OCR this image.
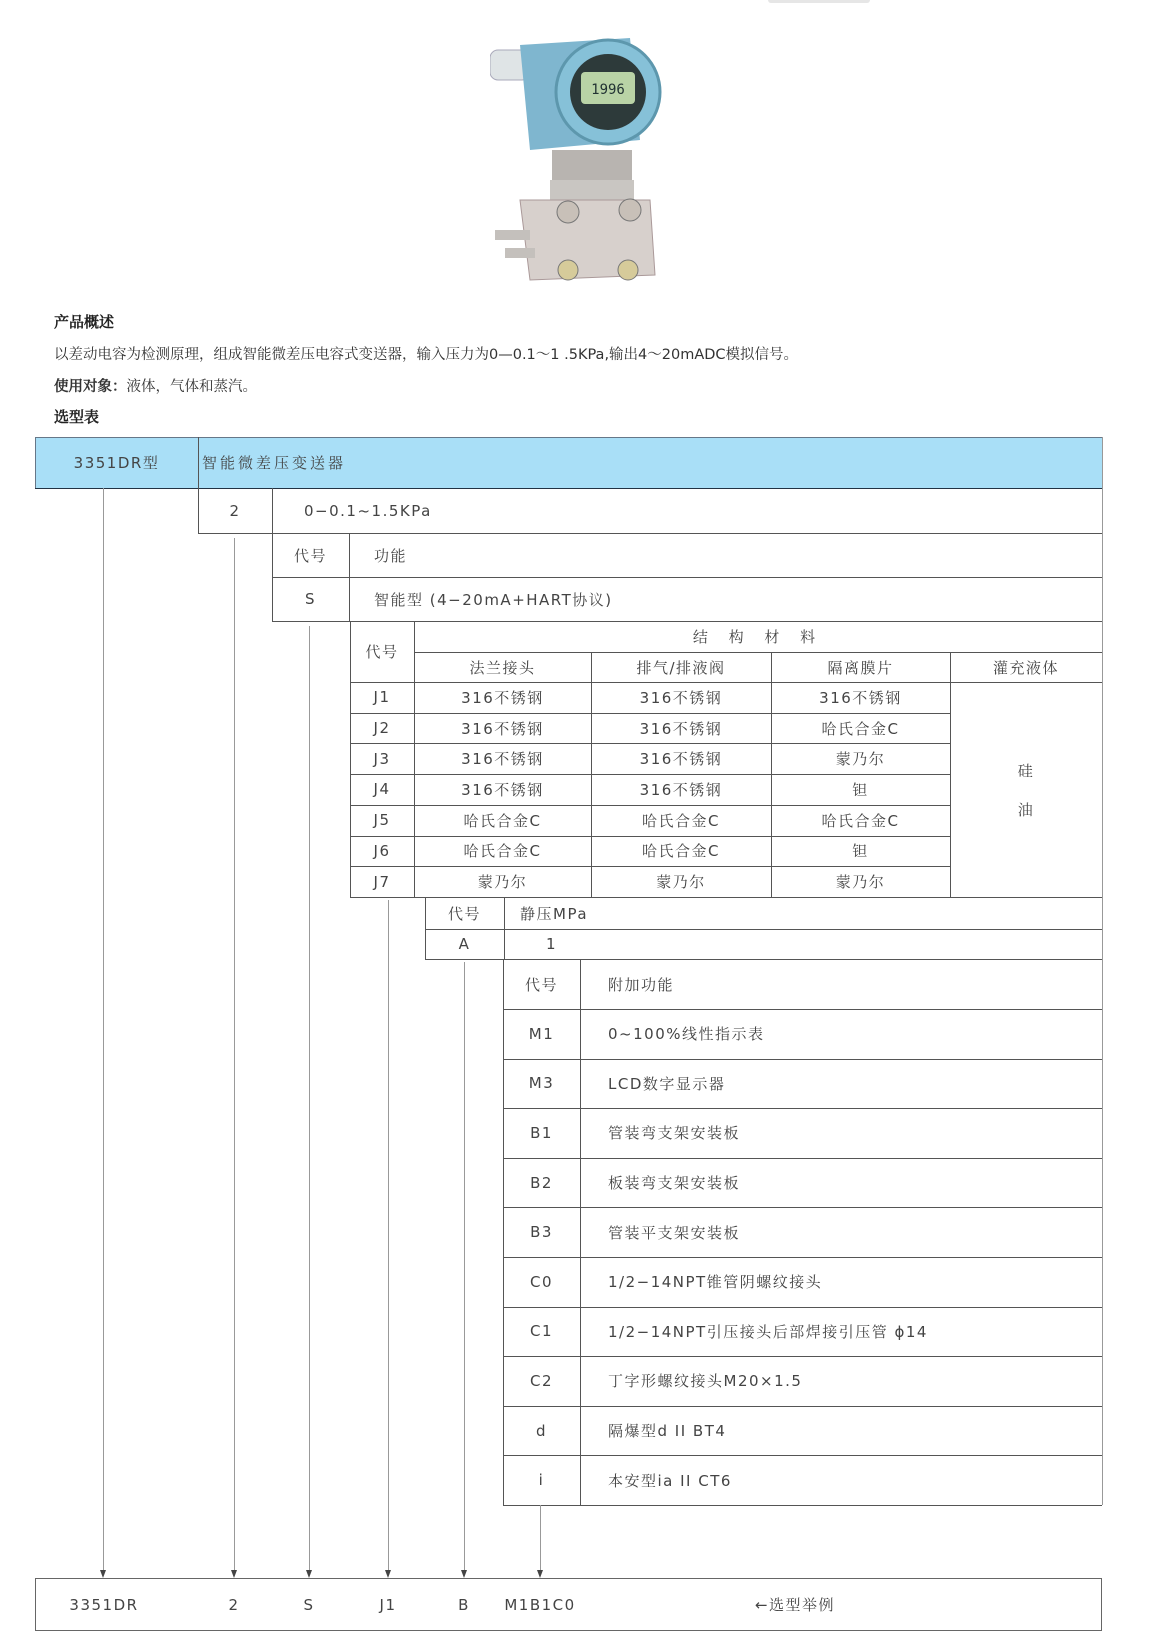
1996
产品概述
以差动电容为检测原理，组成智能微差压电容式变送器，输入压力为0—0.1〜1 .5KPa,输出4〜20mADC模拟信号。
使用对象：液体，气体和蒸汽。
选型表
3351DR型	智能微差压变送器
2	0−0.1~1.5KPa
代号	功能
S	智能型 (4−20mA+HART协议)
代号
结 构 材 料
法兰接头	排气/排液阀	隔离膜片	灌充液体
J1	316不锈钢	316不锈钢	316不锈钢
J2	316不锈钢	316不锈钢	哈氏合金C
J3	316不锈钢	316不锈钢	蒙乃尔
J4	316不锈钢	316不锈钢	钽
J5	哈氏合金C	哈氏合金C	哈氏合金C
J6	哈氏合金C	哈氏合金C	钽
J7	蒙乃尔	蒙乃尔	蒙乃尔
硅
油
代号	静压MPa
A	1
代号	附加功能
M1	0~100%线性指示表
M3	LCD数字显示器
B1	管装弯支架安装板
B2	板装弯支架安装板
B3	管装平支架安装板
C0	1/2−14NPT锥管阴螺纹接头
C1	1/2−14NPT引压接头后部焊接引压管 ϕ14
C2	丁字形螺纹接头M20×1.5
d	隔爆型d II BT4
i	本安型ia II CT6
3351DR	2	S	J1	B	M1B1C0	←选型举例
